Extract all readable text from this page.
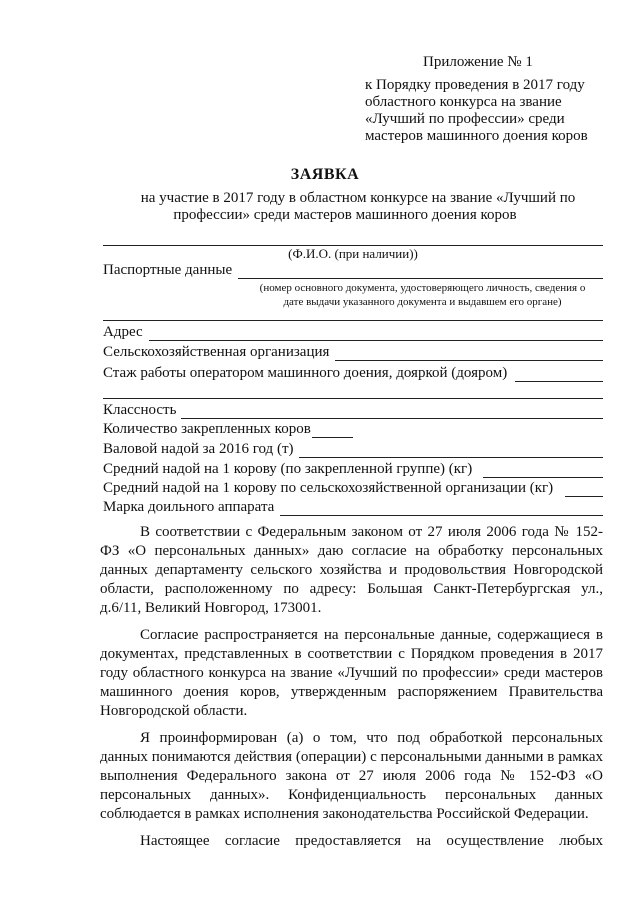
Приложение № 1
к Порядку проведения в 2017 году
областного конкурса на звание
«Лучший по профессии» среди
мастеров машинного доения коров
ЗАЯВКА
на участие в 2017 году в областном конкурсе на звание «Лучший по
профессии» среди мастеров машинного доения коров
(Ф.И.О. (при наличии))
Паспортные данные
(номер основного документа, удостоверяющего личность, сведения о
дате выдачи указанного документа и выдавшем его органе)
Адрес
Сельскохозяйственная организация
Стаж работы оператором машинного доения, дояркой (дояром)
Классность
Количество закрепленных коров
Валовой надой за 2016 год (т)
Средний надой на 1 корову (по закрепленной группе) (кг)
Средний надой на 1 корову по сельскохозяйственной организации (кг)
Марка доильного аппарата

В соответствии с Федеральным законом от 27 июля 2006 года № 152-ФЗ «О персональных данных» даю согласие на обработку персональных данных департаменту сельского хозяйства и продовольствия Новгородской области, расположенному по адресу: Большая Санкт-Петербургская ул., д.6/11, Великий Новгород, 173001.

Согласие распространяется на персональные данные, содержащиеся в документах, представленных в соответствии с Порядком проведения в 2017 году областного конкурса на звание «Лучший по профессии» среди мастеров машинного доения коров, утвержденным распоряжением Правительства Новгородской области.

Я проинформирован (а) о том, что под обработкой персональных данных понимаются действия (операции) с персональными данными в рамках выполнения Федерального закона от 27 июля 2006 года № 152-ФЗ «О персональных данных». Конфиденциальность персональных данных соблюдается в рамках исполнения законодательства Российской Федерации.

Настоящее согласие предоставляется на осуществление любых
